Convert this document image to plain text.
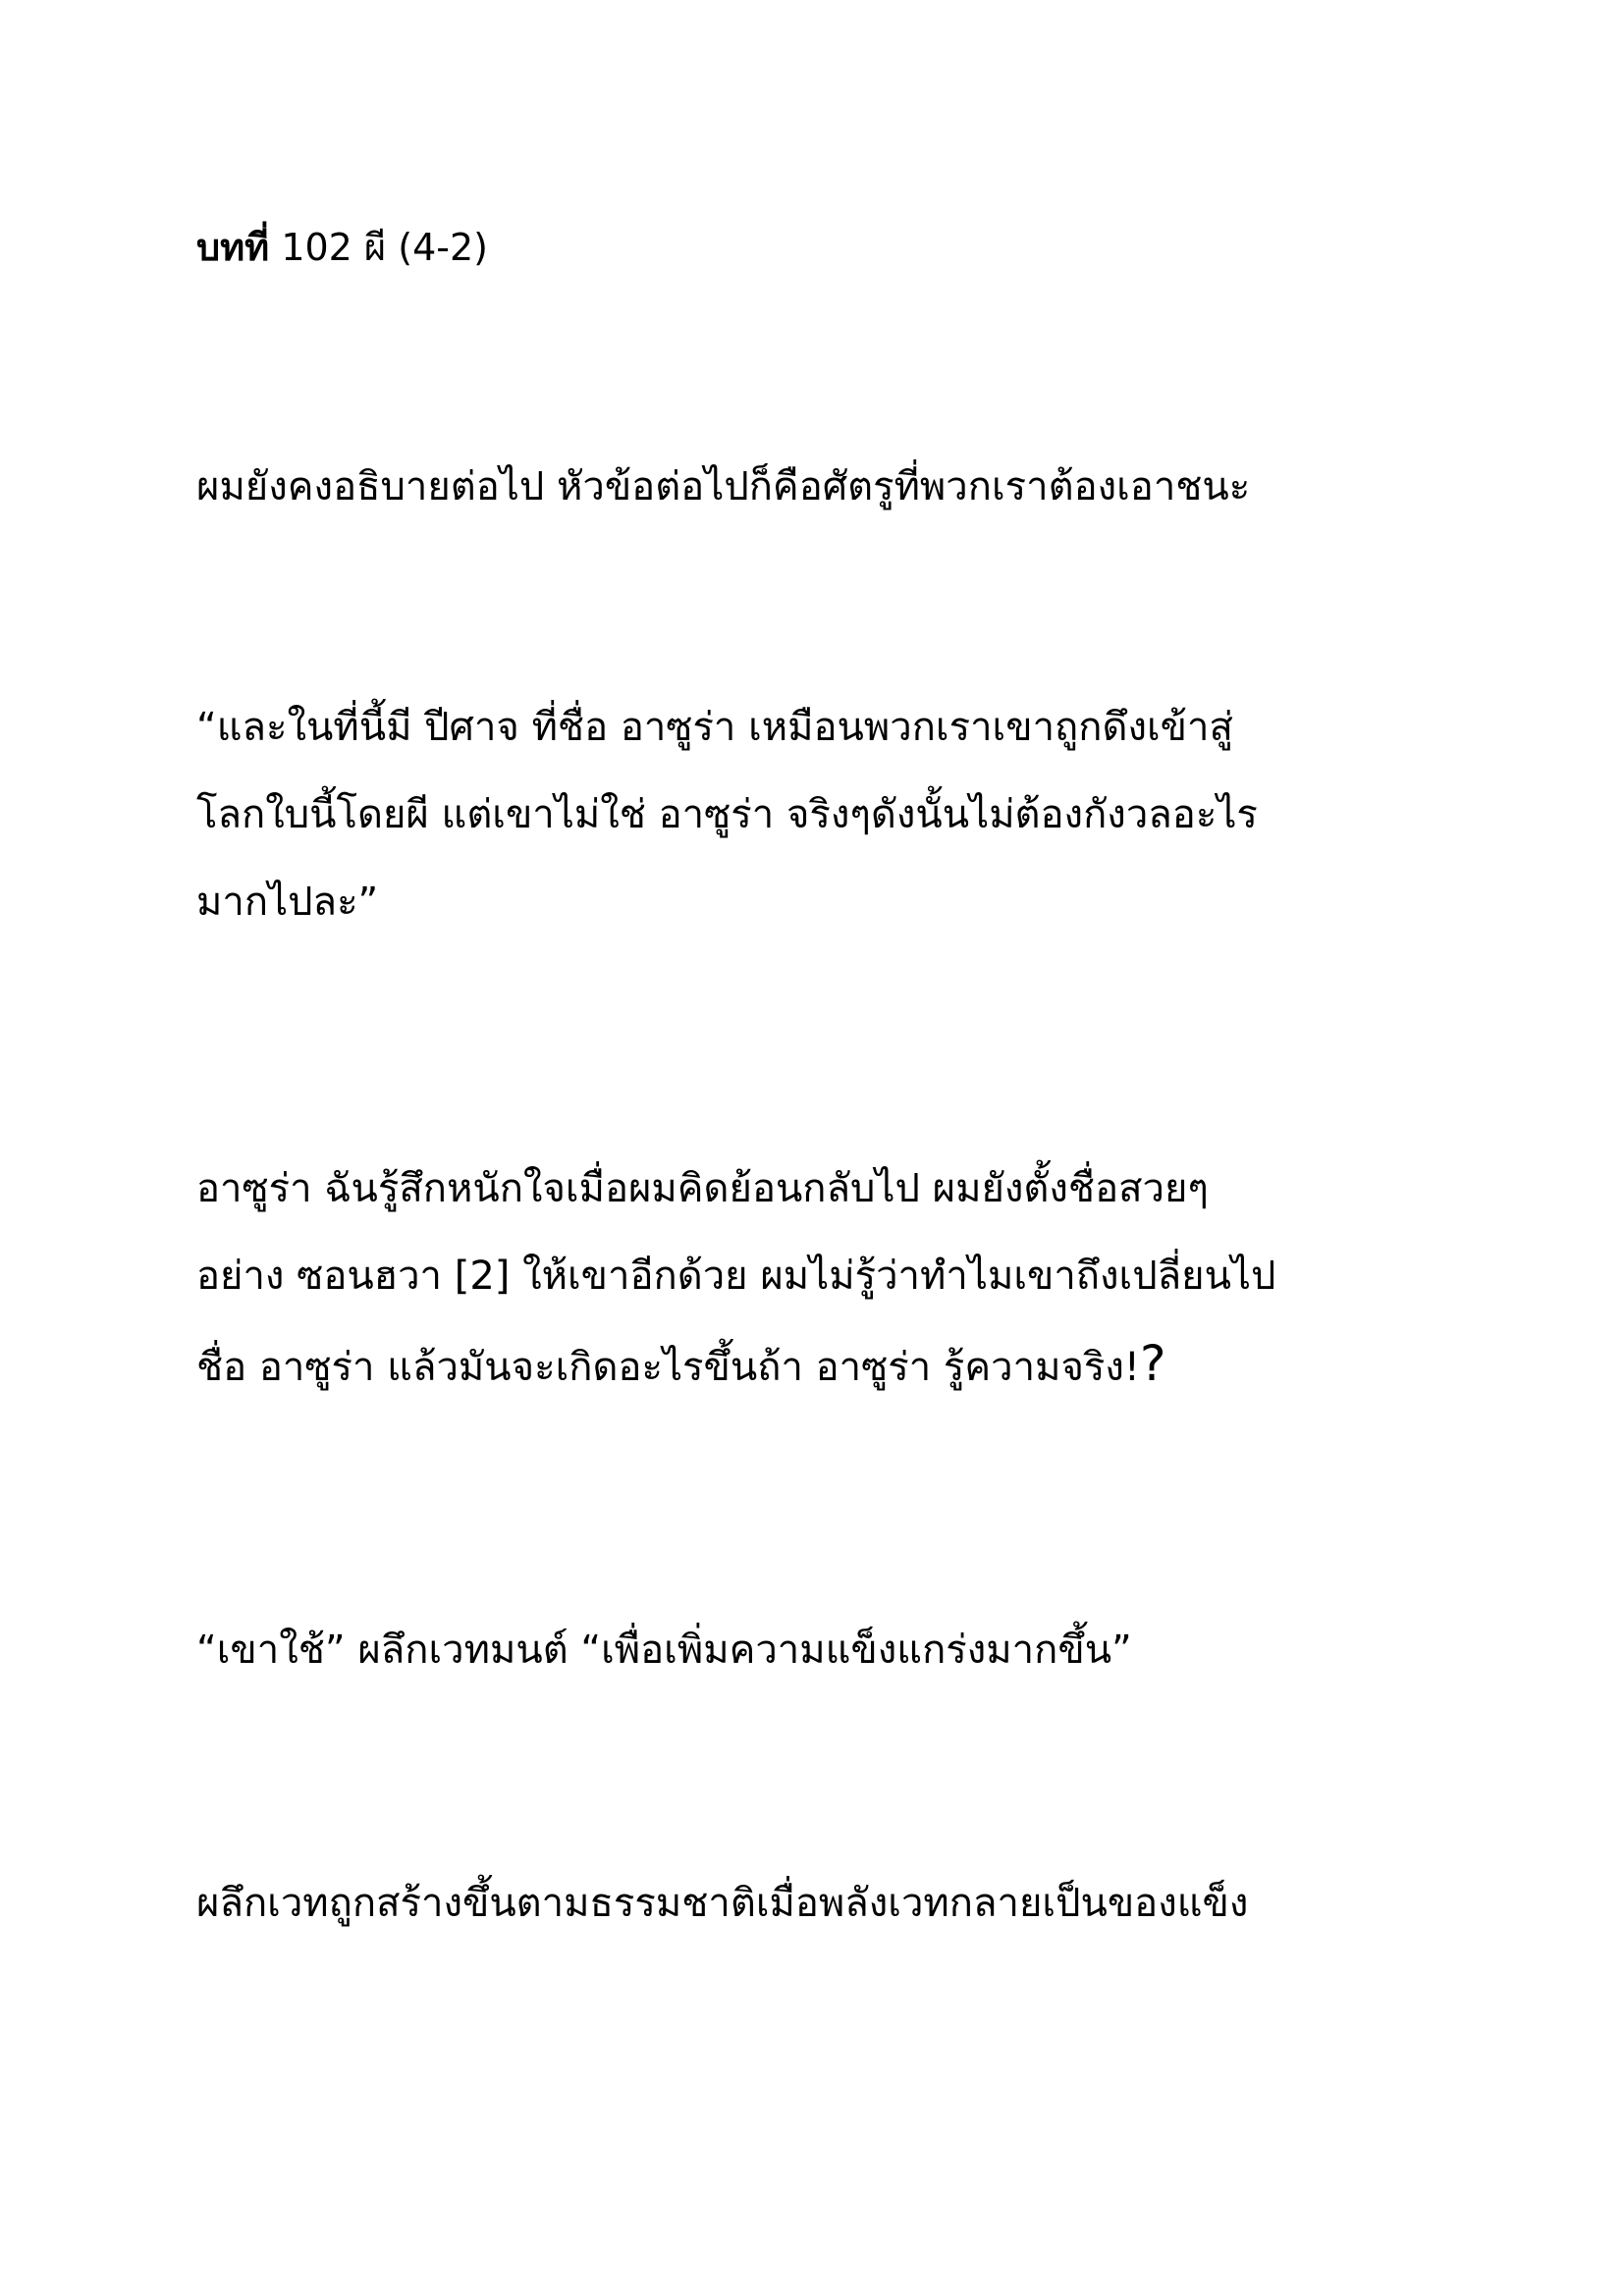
บทที่ 102 ผี (4-2)

ผมยังคงอธิบายต่อไป หัวข้อต่อไปก็คือศัตรูที่พวกเราต้องเอาชนะ

“และในที่นี้มี ปีศาจ ที่ชื่อ อาซูร่า เหมือนพวกเราเขาถูกดึงเข้าสู่
โลกใบนี้โดยผี แต่เขาไม่ใช่ อาซูร่า จริงๆดังนั้นไม่ต้องกังวลอะไร
มากไปละ”

อาซูร่า ฉันรู้สึกหนักใจเมื่อผมคิดย้อนกลับไป ผมยังตั้งชื่อสวยๆ
อย่าง ซอนฮวา [2] ให้เขาอีกด้วย ผมไม่รู้ว่าทำไมเขาถึงเปลี่ยนไป
ชื่อ อาซูร่า แล้วมันจะเกิดอะไรขึ้นถ้า อาซูร่า รู้ความจริง!?

“เขาใช้” ผลึกเวทมนต์ “เพื่อเพิ่มความแข็งแกร่งมากขึ้น”

ผลึกเวทถูกสร้างขึ้นตามธรรมชาติเมื่อพลังเวทกลายเป็นของแข็ง
